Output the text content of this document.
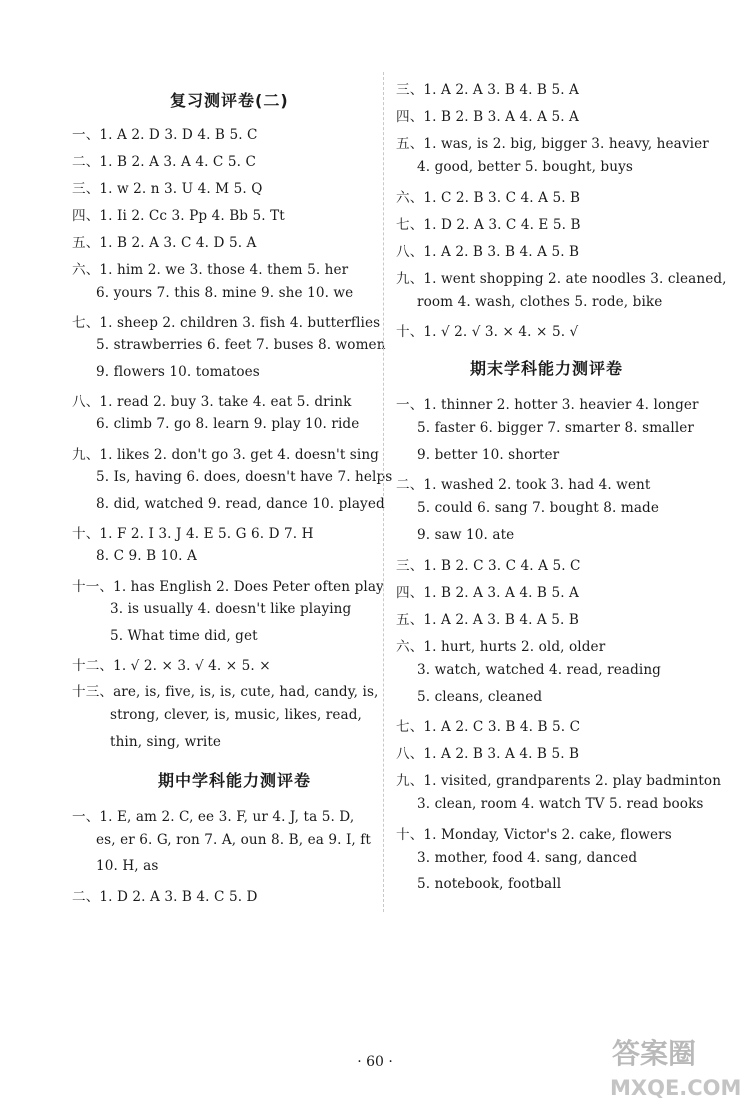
复习测评卷(二)
一、1. A 2. D 3. D 4. B 5. C
二、1. B 2. A 3. A 4. C 5. C
三、1. w 2. n 3. U 4. M 5. Q
四、1. Ii 2. Cc 3. Pp 4. Bb 5. Tt
五、1. B 2. A 3. C 4. D 5. A
六、1. him 2. we 3. those 4. them 5. her
6. yours 7. this 8. mine 9. she 10. we
七、1. sheep 2. children 3. fish 4. butterflies
5. strawberries 6. feet 7. buses 8. women
9. flowers 10. tomatoes
八、1. read 2. buy 3. take 4. eat 5. drink
6. climb 7. go 8. learn 9. play 10. ride
九、1. likes 2. don't go 3. get 4. doesn't sing
5. Is, having 6. does, doesn't have 7. helps
8. did, watched 9. read, dance 10. played
十、1. F 2. I 3. J 4. E 5. G 6. D 7. H
8. C 9. B 10. A
十一、1. has English 2. Does Peter often play
3. is usually 4. doesn't like playing
5. What time did, get
十二、1. √ 2. × 3. √ 4. × 5. ×
十三、are, is, five, is, is, cute, had, candy, is,
strong, clever, is, music, likes, read,
thin, sing, write
期中学科能力测评卷
一、1. E, am 2. C, ee 3. F, ur 4. J, ta 5. D,
es, er 6. G, ron 7. A, oun 8. B, ea 9. I, ft
10. H, as
二、1. D 2. A 3. B 4. C 5. D
三、1. A 2. A 3. B 4. B 5. A
四、1. B 2. B 3. A 4. A 5. A
五、1. was, is 2. big, bigger 3. heavy, heavier
4. good, better 5. bought, buys
六、1. C 2. B 3. C 4. A 5. B
七、1. D 2. A 3. C 4. E 5. B
八、1. A 2. B 3. B 4. A 5. B
九、1. went shopping 2. ate noodles 3. cleaned,
room 4. wash, clothes 5. rode, bike
十、1. √ 2. √ 3. × 4. × 5. √
期末学科能力测评卷
一、1. thinner 2. hotter 3. heavier 4. longer
5. faster 6. bigger 7. smarter 8. smaller
9. better 10. shorter
二、1. washed 2. took 3. had 4. went
5. could 6. sang 7. bought 8. made
9. saw 10. ate
三、1. B 2. C 3. C 4. A 5. C
四、1. B 2. A 3. A 4. B 5. A
五、1. A 2. A 3. B 4. A 5. B
六、1. hurt, hurts 2. old, older
3. watch, watched 4. read, reading
5. cleans, cleaned
七、1. A 2. C 3. B 4. B 5. C
八、1. A 2. B 3. A 4. B 5. B
九、1. visited, grandparents 2. play badminton
3. clean, room 4. watch TV 5. read books
十、1. Monday, Victor's 2. cake, flowers
3. mother, food 4. sang, danced
5. notebook, football
· 60 ·	答案圈
MXQE.COM
